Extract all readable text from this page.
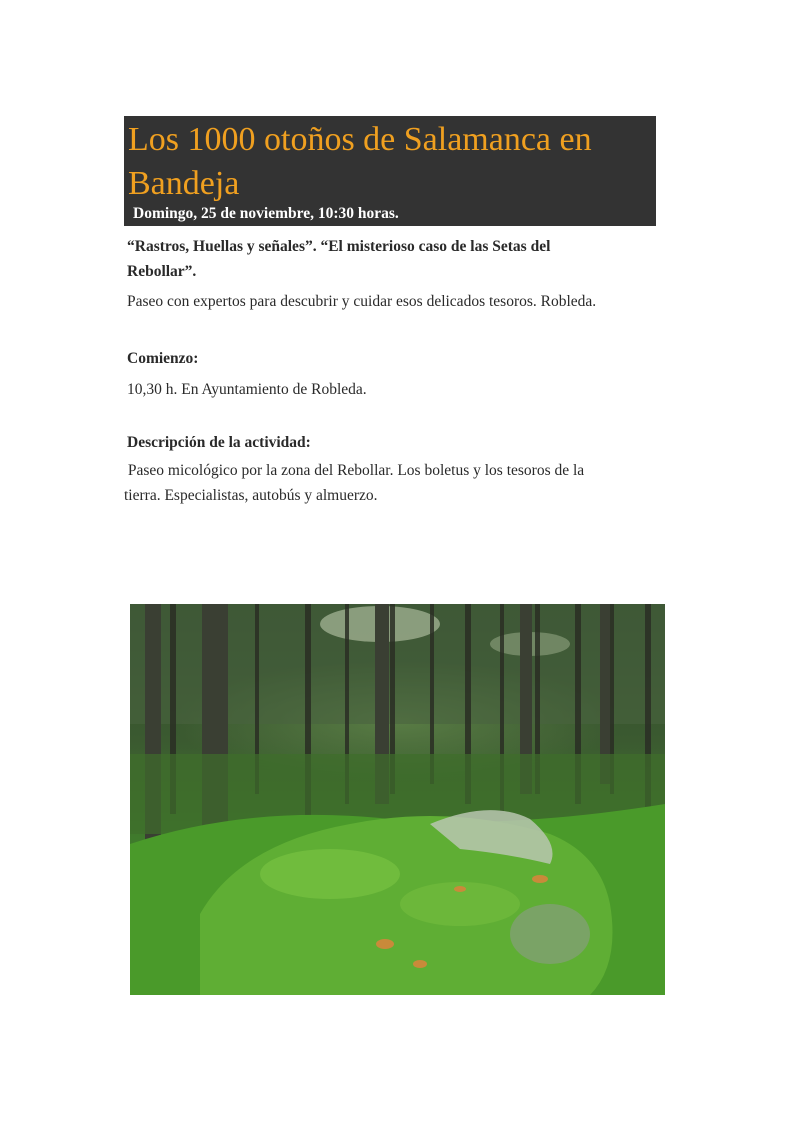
Los 1000 otoños de Salamanca en Bandeja
Domingo, 25 de noviembre, 10:30 horas.
“Rastros, Huellas y señales”. “El misterioso caso de las Setas del
Rebollar”.
Paseo con expertos para descubrir y cuidar esos delicados tesoros. Robleda.
Comienzo:
10,30 h. En Ayuntamiento de Robleda.
Descripción de la actividad:
Paseo micológico por la zona del Rebollar. Los boletus y los tesoros de la
tierra. Especialistas, autobús y almuerzo.
